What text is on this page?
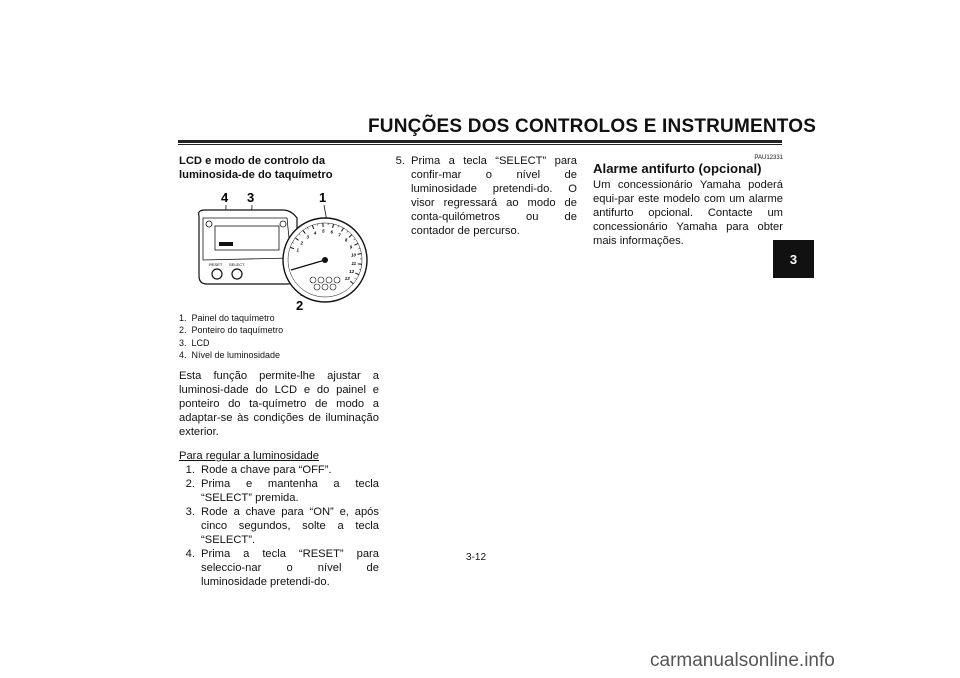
FUNÇÕES DOS CONTROLOS E INSTRUMENTOS
3

LCD e modo de controlo da luminosida-de do taquímetro

4 3	1
2
RESET SELECT
1
2
3
4 5 6
7
8
9
10
11
12
13
1.
Painel do taquímetro
2.
Ponteiro do taquímetro
3.
LCD
4.
Nível de luminosidade

Esta função permite-lhe ajustar a luminosi-dade do LCD e do painel e ponteiro do ta-químetro de modo a adaptar-se às condições de iluminação exterior.

Para regular a luminosidade
1. Rode a chave para “OFF”.
2. Prima e mantenha a tecla “SELECT” premida.
3. Rode a chave para “ON” e, após cinco segundos, solte a tecla “SELECT”.
4. Prima a tecla “RESET” para seleccio-nar o nível de luminosidade pretendi-do.
5. Prima a tecla “SELECT” para confir-mar o nível de luminosidade pretendi-do. O visor regressará ao modo de conta-quilómetros ou de contador de percurso.

PAU12331

Alarme antifurto (opcional)

Um concessionário Yamaha poderá equi-par este modelo com um alarme antifurto opcional. Contacte um concessionário Yamaha para obter mais informações.

3-12
carmanualsonline.info
